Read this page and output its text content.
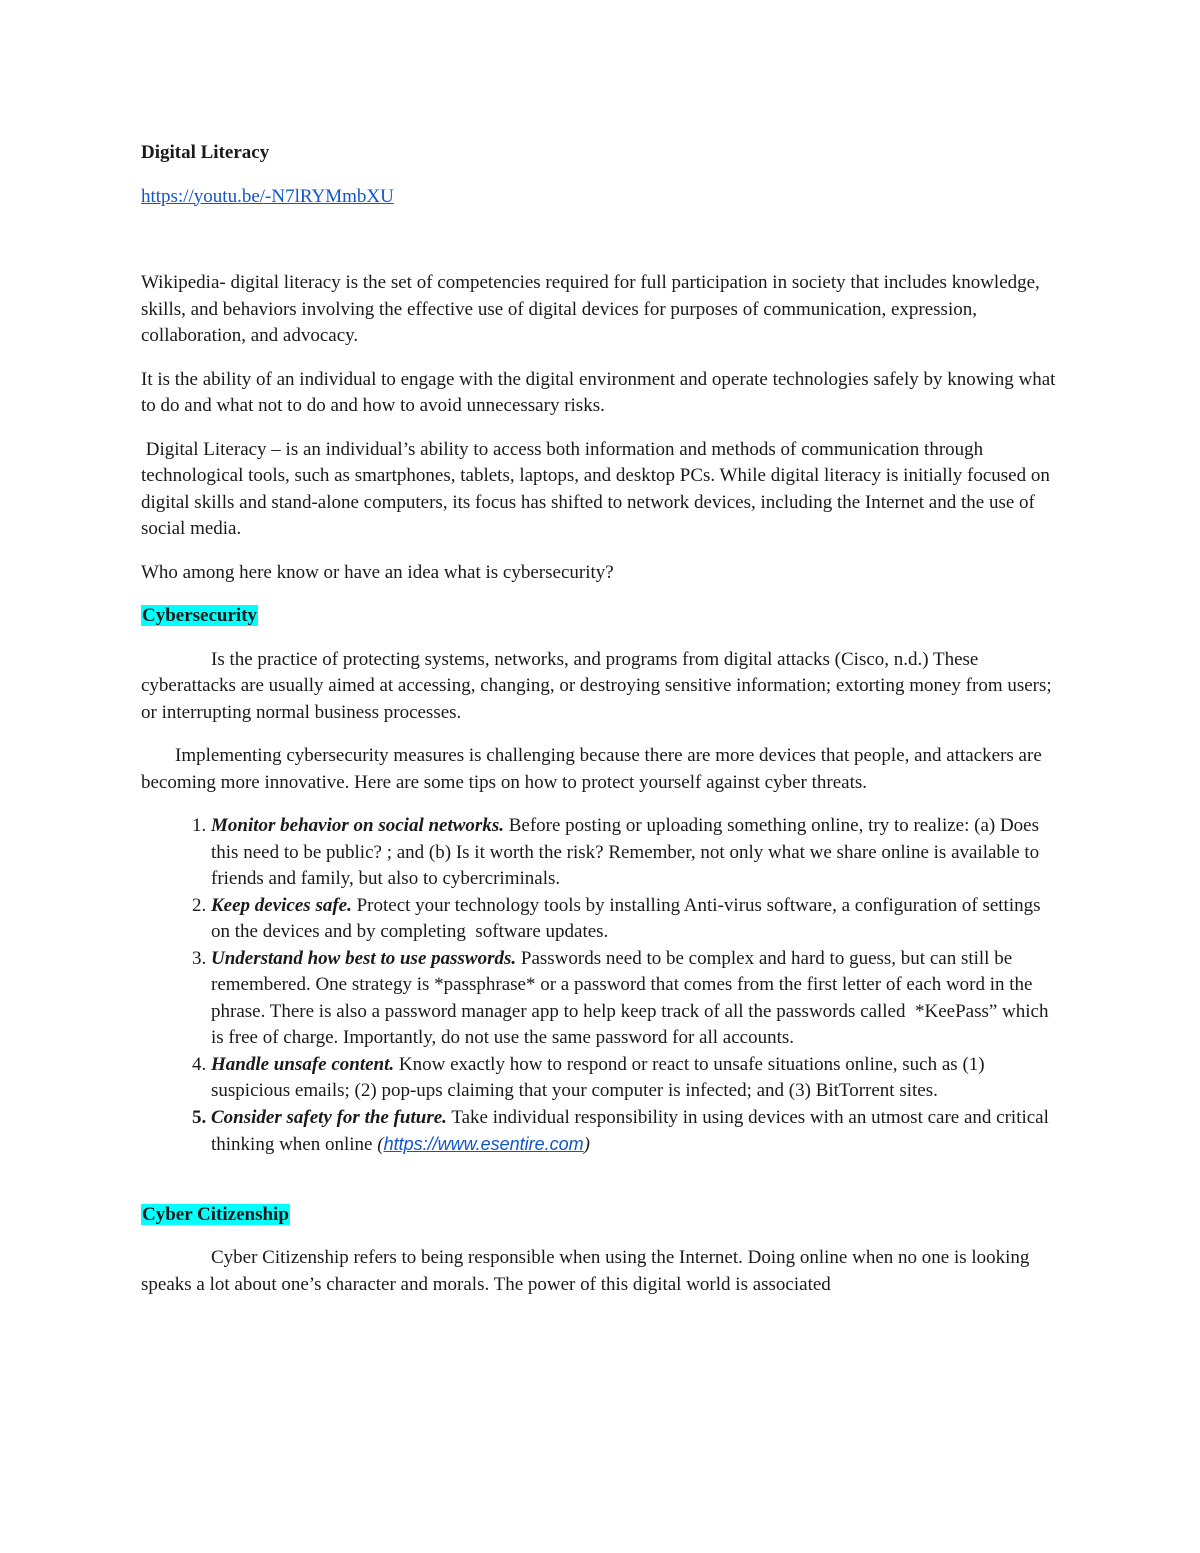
Digital Literacy

https://youtu.be/-N7lRYMmbXU

Wikipedia- digital literacy is the set of competencies required for full participation in society that includes knowledge, skills, and behaviors involving the effective use of digital devices for purposes of communication, expression, collaboration, and advocacy.

It is the ability of an individual to engage with the digital environment and operate technologies safely by knowing what to do and what not to do and how to avoid unnecessary risks.

Digital Literacy – is an individual’s ability to access both information and methods of communication through technological tools, such as smartphones, tablets, laptops, and desktop PCs. While digital literacy is initially focused on digital skills and stand-alone computers, its focus has shifted to network devices, including the Internet and the use of social media.

Who among here know or have an idea what is cybersecurity?

Cybersecurity

Is the practice of protecting systems, networks, and programs from digital attacks (Cisco, n.d.) These cyberattacks are usually aimed at accessing, changing, or destroying sensitive information; extorting money from users; or interrupting normal business processes.

Implementing cybersecurity measures is challenging because there are more devices that people, and attackers are becoming more innovative. Here are some tips on how to protect yourself against cyber threats.

1. Monitor behavior on social networks. Before posting or uploading something online, try to realize: (a) Does this need to be public? ; and (b) Is it worth the risk? Remember, not only what we share online is available to friends and family, but also to cybercriminals.
2. Keep devices safe. Protect your technology tools by installing Anti-virus software, a configuration of settings on the devices and by completing  software updates.
3. Understand how best to use passwords. Passwords need to be complex and hard to guess, but can still be remembered. One strategy is *passphrase* or a password that comes from the first letter of each word in the phrase. There is also a password manager app to help keep track of all the passwords called  *KeePass” which is free of charge. Importantly, do not use the same password for all accounts.
4. Handle unsafe content. Know exactly how to respond or react to unsafe situations online, such as (1) suspicious emails; (2) pop-ups claiming that your computer is infected; and (3) BitTorrent sites.
5. Consider safety for the future. Take individual responsibility in using devices with an utmost care and critical thinking when online (https://www.esentire.com)

Cyber Citizenship

Cyber Citizenship refers to being responsible when using the Internet. Doing online when no one is looking speaks a lot about one’s character and morals. The power of this digital world is associated
